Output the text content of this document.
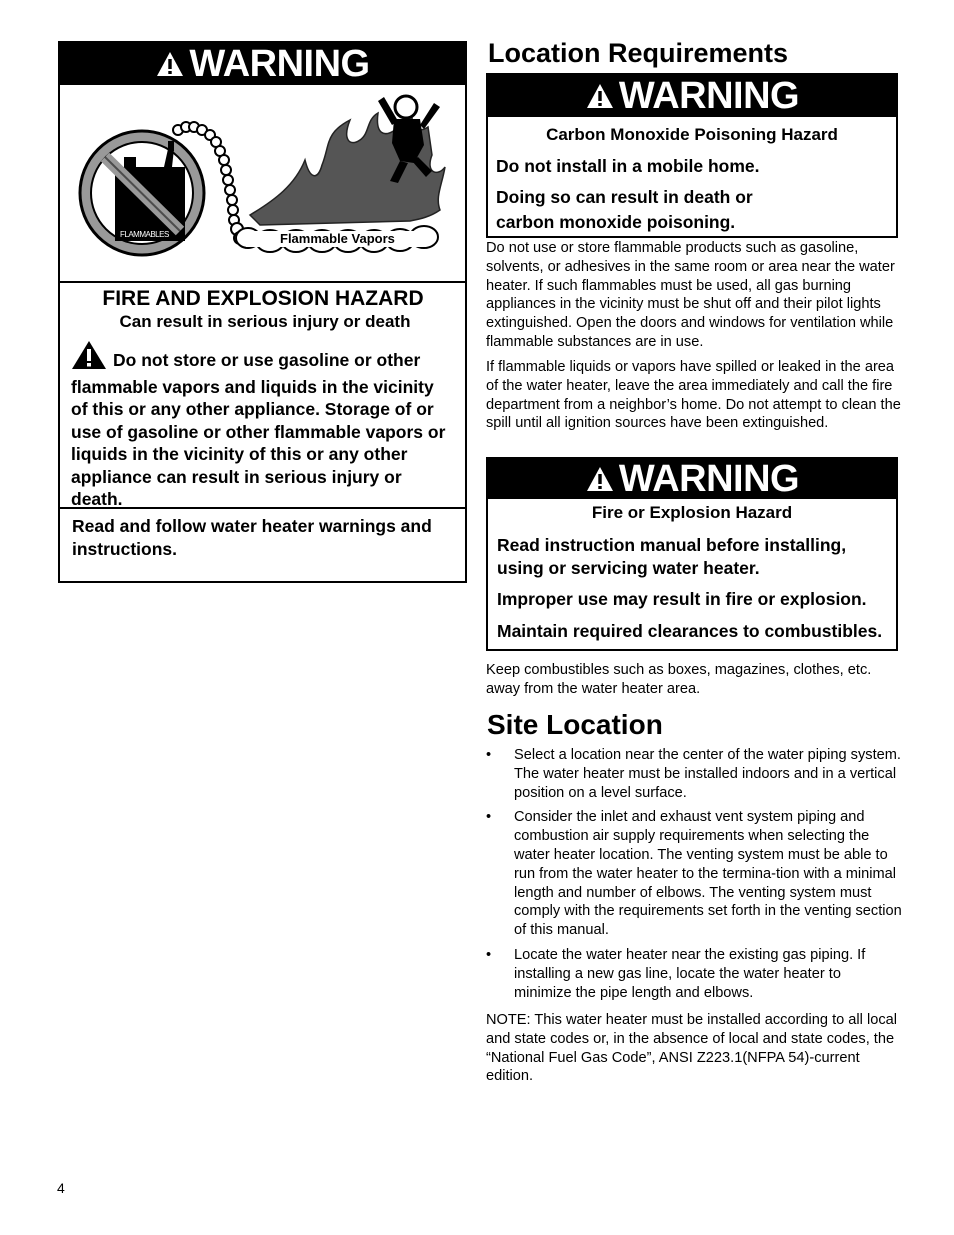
WARNING
FLAMMABLES	Flammable Vapors
FIRE AND EXPLOSION HAZARD
Can result in serious injury or death
Do not store or use gasoline or other flammable vapors and liquids in the vicinity of this or any other appliance. Storage of or use of gasoline or other flammable vapors or liquids in the vicinity of this or any other appliance can result in serious injury or death.
Read and follow water heater warnings and instructions.
Location Requirements
WARNING
Carbon Monoxide Poisoning Hazard
Do not install in a mobile home.
Doing so can result in death or
carbon monoxide poisoning.
Do not use or store flammable products such as gasoline, solvents, or adhesives in the same room or area near the water heater. If such flammables must be used, all gas burning appliances in the vicinity must be shut off and their pilot lights extinguished. Open the doors and windows for ventilation while flammable substances are in use.
If flammable liquids or vapors have spilled or leaked in the area of the water heater, leave the area immediately and call the fire department from a neighbor’s home. Do not attempt to clean the spill until all ignition sources have been extinguished.
WARNING
Fire or Explosion Hazard
Read instruction manual before installing, using or servicing water heater.
Improper use may result in fire or explosion.
Maintain required clearances to combustibles.
Keep combustibles such as boxes, magazines, clothes, etc. away from the water heater area.
Site Location
• Select a location near the center of the water piping system. The water heater must be installed indoors and in a vertical position on a level surface.
• Consider the inlet and exhaust vent system piping and combustion air supply requirements when selecting the water heater location. The venting system must be able to run from the water heater to the termina-tion with a minimal length and number of elbows. The venting system must comply with the requirements set forth in the venting section of this manual.
• Locate the water heater near the existing gas piping. If installing a new gas line, locate the water heater to minimize the pipe length and elbows.
NOTE: This water heater must be installed according to all local and state codes or, in the absence of local and state codes, the “National Fuel Gas Code”, ANSI Z223.1(NFPA 54)-current edition.
4
